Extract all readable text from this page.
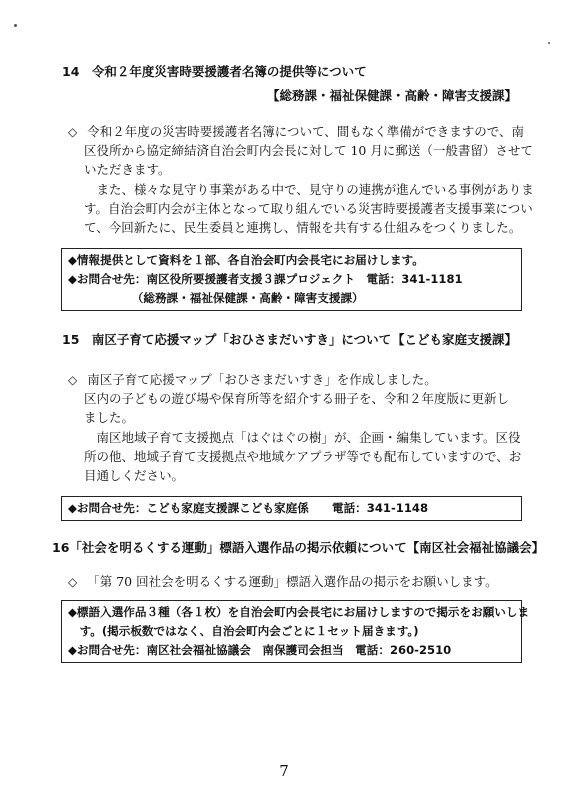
14　令和２年度災害時要援護者名簿の提供等について
【総務課・福祉保健課・高齢・障害支援課】
◇ 令和２年度の災害時要援護者名簿について、間もなく準備ができますので、南
区役所から協定締結済自治会町内会長に対して 10 月に郵送（一般書留）させて
いただきます。
　また、様々な見守り事業がある中で、見守りの連携が進んでいる事例がありま
す。自治会町内会が主体となって取り組んでいる災害時要援護者支援事業につい
て、今回新たに、民生委員と連携し、情報を共有する仕組みをつくりました。
◆情報提供として資料を１部、各自治会町内会長宅にお届けします。
◆お問合せ先：南区役所要援護者支援３課プロジェクト　電話：341-1181
　　　　　　（総務課・福祉保健課・高齢・障害支援課）
15　南区子育て応援マップ「おひさまだいすき」について 【こども家庭支援課】
◇ 南区子育て応援マップ「おひさまだいすき」を作成しました。
区内の子どもの遊び場や保育所等を紹介する冊子を、令和２年度版に更新し
ました。
　南区地域子育て支援拠点「はぐはぐの樹」が、企画・編集しています。区役
所の他、地域子育て支援拠点や地域ケアプラザ等でも配布していますので、お
目通しください。
◆お問合せ先：こども家庭支援課こども家庭係　　電話：341-1148
16「社会を明るくする運動」標語入選作品の掲示依頼について【南区社会福祉協議会】
◇ 「第 70 回社会を明るくする運動」標語入選作品の掲示をお願いします。
◆標語入選作品３種（各１枚）を自治会町内会長宅にお届けしますので掲示をお願いしま
　す。(掲示板数ではなく、自治会町内会ごとに１セット届きます。)
◆お問合せ先：南区社会福祉協議会　南保護司会担当　電話：260-2510
7
